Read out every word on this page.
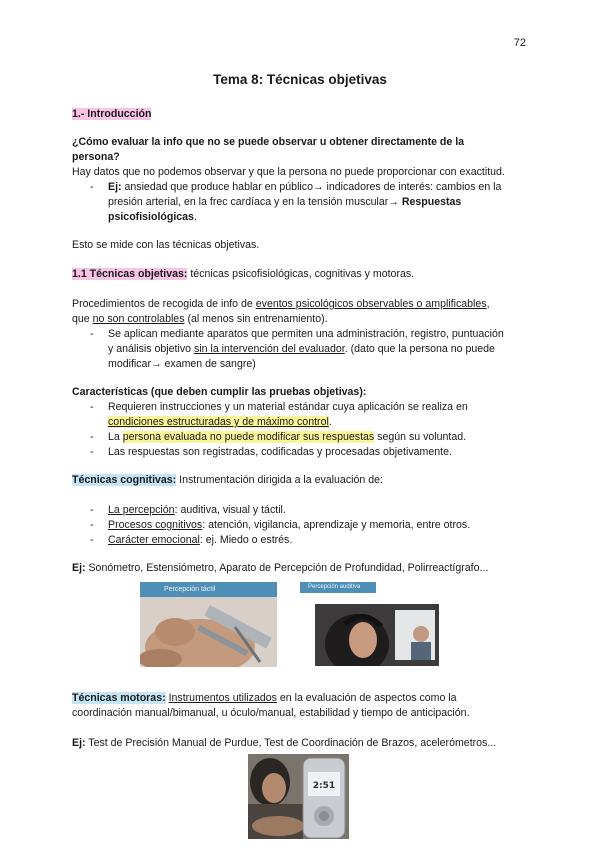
72
Tema 8: Técnicas objetivas
1.- Introducción
¿Cómo evaluar la info que no se puede observar u obtener directamente de la
persona?
Hay datos que no podemos observar y que la persona no puede proporcionar con exactitud.
- Ej: ansiedad que produce hablar en público→ indicadores de interés: cambios en la
presión arterial, en la frec cardíaca y en la tensión muscular→ Respuestas
psicofisiológicas.
Esto se mide con las técnicas objetivas.
1.1 Técnicas objetivas: técnicas psicofisiológicas, cognitivas y motoras.
Procedimientos de recogida de info de eventos psicológicos observables o amplificables,
que no son controlables (al menos sin entrenamiento).
- Se aplican mediante aparatos que permiten una administración, registro, puntuación
y análisis objetivo sin la intervención del evaluador. (dato que la persona no puede
modificar→ examen de sangre)
Características (que deben cumplir las pruebas objetivas):
- Requieren instrucciones y un material estándar cuya aplicación se realiza en
condiciones estructuradas y de máximo control.
- La persona evaluada no puede modificar sus respuestas según su voluntad.
- Las respuestas son registradas, codificadas y procesadas objetivamente.
Técnicas cognitivas: Instrumentación dirigida a la evaluación de:
- La percepción: auditiva, visual y táctil.
- Procesos cognitivos: atención, vigilancia, aprendizaje y memoria, entre otros.
- Carácter emocional: ej. Miedo o estrés.
Ej: Sonómetro, Estensiómetro, Aparato de Percepción de Profundidad, Polirreactígrafo...
Percepción táctil	Percepción auditiva
Técnicas motoras: Instrumentos utilizados en la evaluación de aspectos como la
coordinación manual/bimanual, u óculo/manual, estabilidad y tiempo de anticipación.
Ej: Test de Precisión Manual de Purdue, Test de Coordinación de Brazos, acelerómetros...
2:51
